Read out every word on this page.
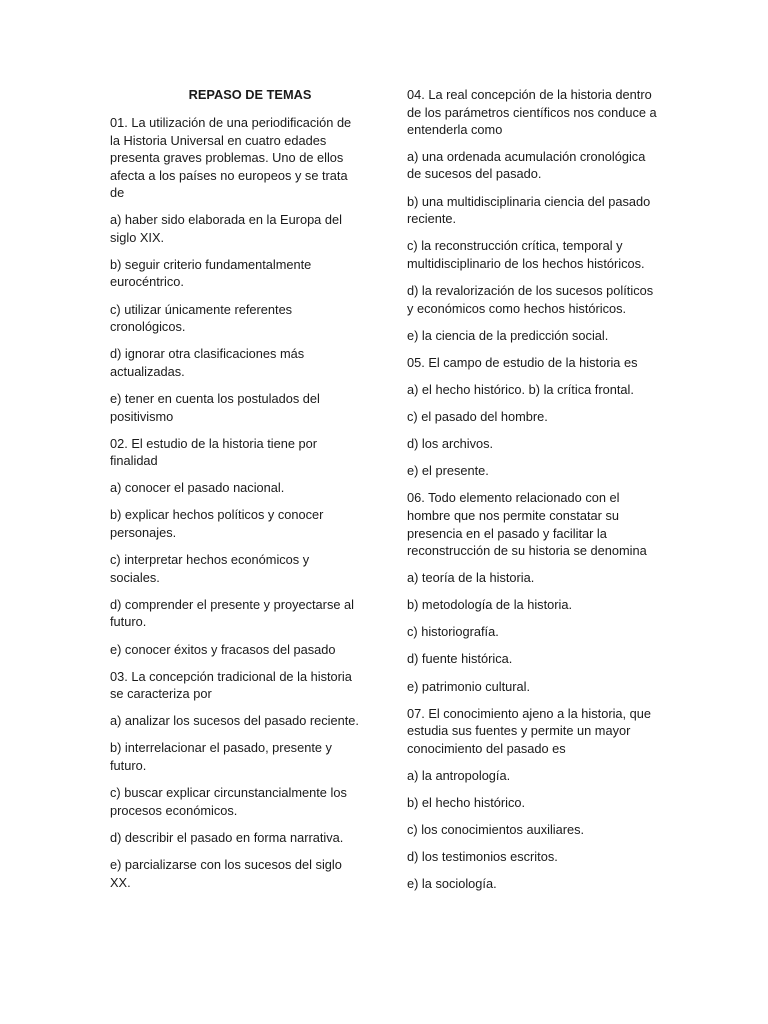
REPASO DE TEMAS

01. La utilización de una periodificación de la Historia Universal en cuatro edades presenta graves problemas. Uno de ellos afecta a los países no europeos y se trata de

a) haber sido elaborada en la Europa del siglo XIX.
b) seguir criterio fundamentalmente eurocéntrico.
c) utilizar únicamente referentes cronológicos.
d) ignorar otra clasificaciones más actualizadas.
e) tener en cuenta los postulados del positivismo

02. El estudio de la historia tiene por finalidad

a) conocer el pasado nacional.
b) explicar hechos políticos y conocer personajes.
c) interpretar hechos económicos y sociales.
d) comprender el presente y proyectarse al futuro.
e) conocer éxitos y fracasos del pasado

03. La concepción tradicional de la historia se caracteriza por

a) analizar los sucesos del pasado reciente.
b) interrelacionar el pasado, presente y futuro.
c) buscar explicar circunstancialmente los procesos económicos.
d) describir el pasado en forma narrativa.
e) parcializarse con los sucesos del siglo XX.

04. La real concepción de la historia dentro de los parámetros científicos nos conduce a entenderla como

a) una ordenada acumulación cronológica de sucesos del pasado.
b) una multidisciplinaria ciencia del pasado reciente.
c) la reconstrucción crítica, temporal y multidisciplinario de los hechos históricos.
d) la revalorización de los sucesos políticos y económicos como hechos históricos.
e) la ciencia de la predicción social.

05. El campo de estudio de la historia es

a) el hecho histórico. b) la crítica frontal.
c) el pasado del hombre.
d) los archivos.
e) el presente.

06. Todo elemento relacionado con el hombre que nos permite constatar su presencia en el pasado y facilitar la reconstrucción de su historia se denomina

a) teoría de la historia.
b) metodología de la historia.
c) historiografía.
d) fuente histórica.
e) patrimonio cultural.

07. El conocimiento ajeno a la historia, que estudia sus fuentes y permite un mayor conocimiento del pasado es

a) la antropología.
b) el hecho histórico.
c) los conocimientos auxiliares.
d) los testimonios escritos.
e) la sociología.
